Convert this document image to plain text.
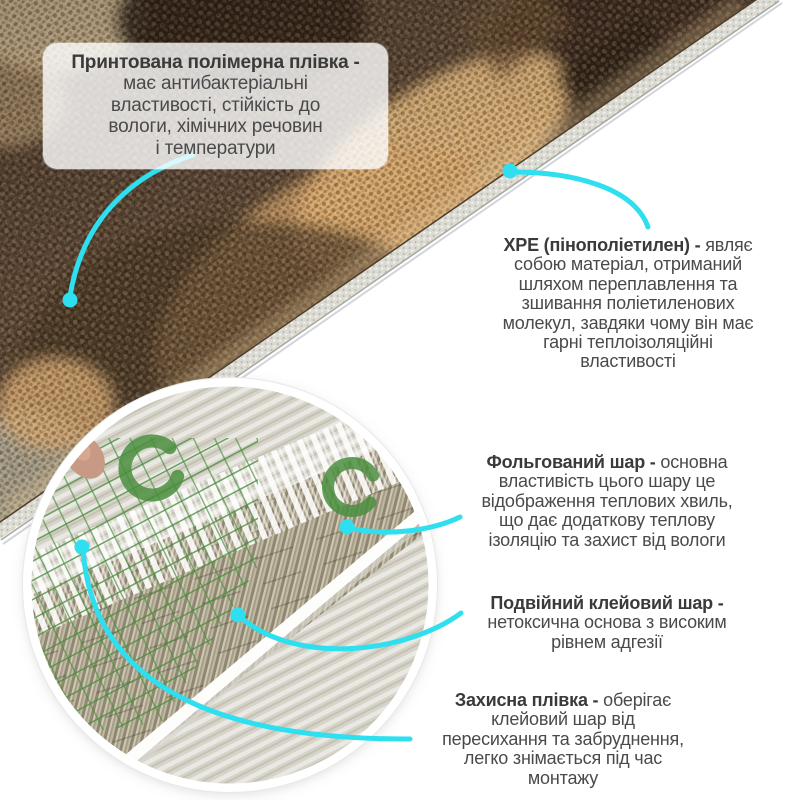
Принтована полімерна плівка -
має антибактеріальні
властивості, стійкість до
вологи, хімічних речовин
і температури
ХРЕ (пінополіетилен) - являє
собою матеріал, отриманий
шляхом переплавлення та
зшивання поліетиленових
молекул, завдяки чому він має
гарні теплоізоляційні
властивості
Фольгований шар - основна
властивість цього шару це
відображення теплових хвиль,
що дає додаткову теплову
ізоляцію та захист від вологи
Подвійний клейовий шар -
нетоксична основа з високим
рівнем адгезії
Захисна плівка - оберігає
клейовий шар від
пересихання та забруднення,
легко знімається під час
монтажу
